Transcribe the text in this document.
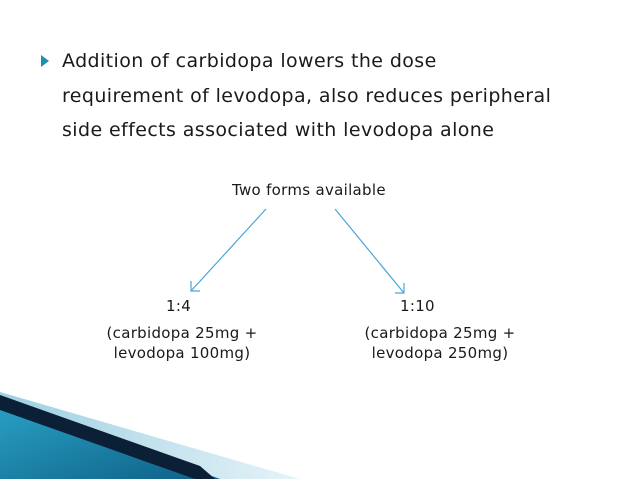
Addition of carbidopa lowers the dose
requirement of levodopa, also reduces peripheral
side effects associated with levodopa alone
Two forms available
1:4
(carbidopa 25mg +
levodopa 100mg)
1:10
(carbidopa 25mg +
levodopa 250mg)
